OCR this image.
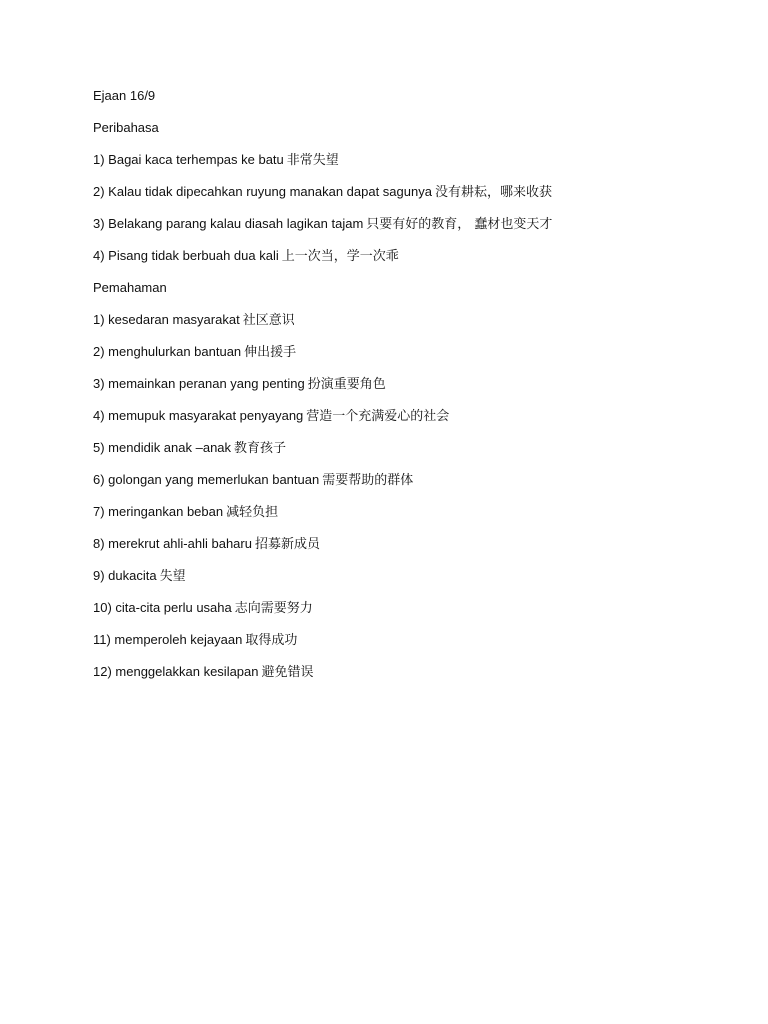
Ejaan 16/9
Peribahasa
1) Bagai kaca terhempas ke batu 非常失望
2) Kalau tidak dipecahkan ruyung manakan dapat sagunya 没有耕耘，哪来收获
3) Belakang parang kalau diasah lagikan tajam 只要有好的教育， 蠢材也变天才
4) Pisang tidak berbuah dua kali 上一次当，学一次乖
Pemahaman
1) kesedaran masyarakat 社区意识
2) menghulurkan bantuan 伸出援手
3) memainkan peranan yang penting 扮演重要角色
4) memupuk masyarakat penyayang 营造一个充满爱心的社会
5) mendidik anak –anak 教育孩子
6) golongan yang memerlukan bantuan 需要帮助的群体
7) meringankan beban 减轻负担
8) merekrut ahli-ahli baharu 招募新成员
9) dukacita 失望
10) cita-cita perlu usaha 志向需要努力
11) memperoleh kejayaan 取得成功
12) menggelakkan kesilapan 避免错误
